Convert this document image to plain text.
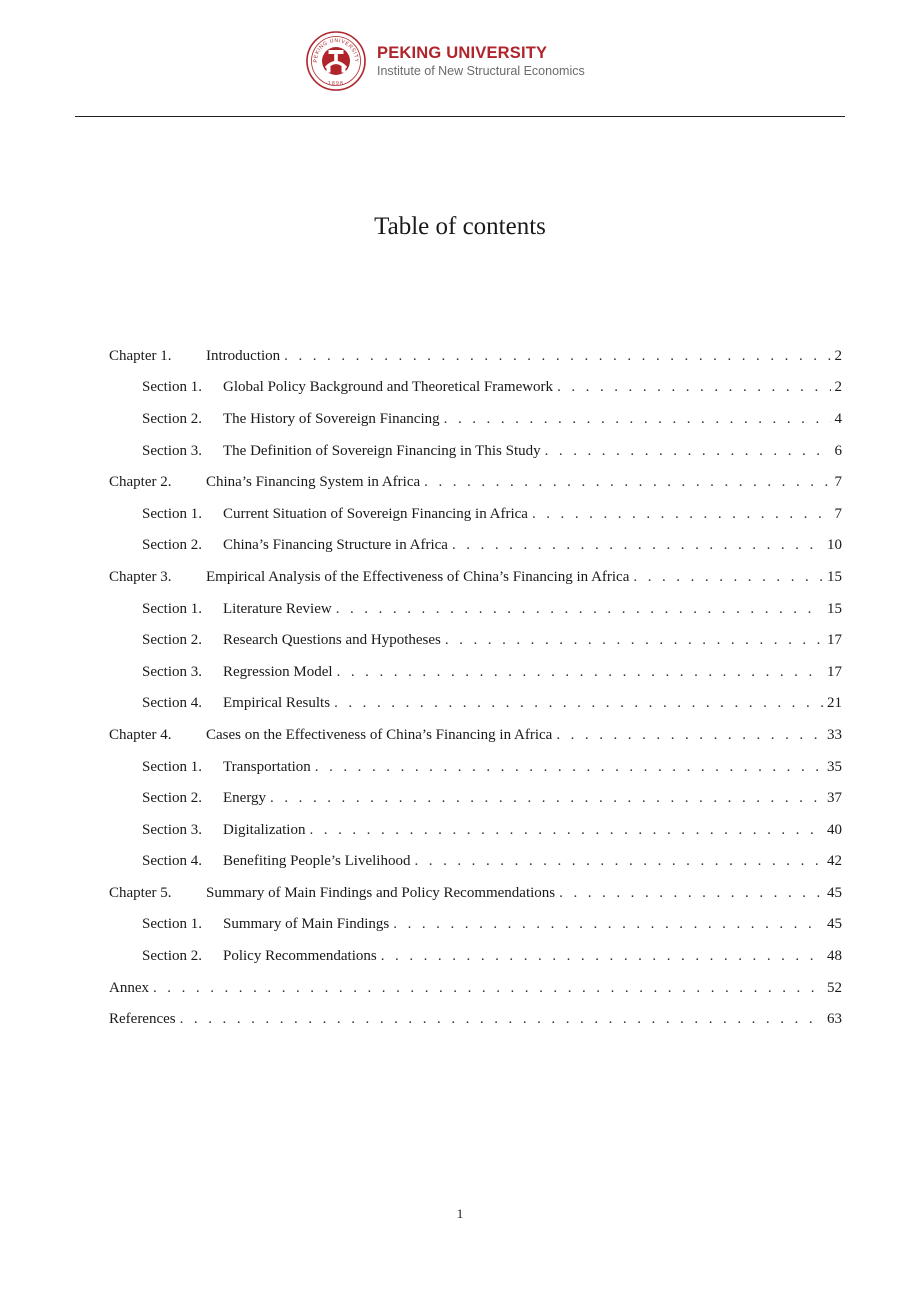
PEKING UNIVERSITY
1898
PEKING UNIVERSITY
Institute of New Structural Economics
Table of contents
Chapter 1.	Introduction . . .	2
Section 1.	Global Policy Background and Theoretical Framework . . .	2
Section 2.	The History of Sovereign Financing . . .	4
Section 3.	The Definition of Sovereign Financing in This Study . . .	6
Chapter 2.	China’s Financing System in Africa . . .	7
Section 1.	Current Situation of Sovereign Financing in Africa . . .	7
Section 2.	China’s Financing Structure in Africa . . .	10
Chapter 3.	Empirical Analysis of the Effectiveness of China’s Financing in Africa . . .	15
Section 1.	Literature Review . . .	15
Section 2.	Research Questions and Hypotheses . . .	17
Section 3.	Regression Model . . .	17
Section 4.	Empirical Results . . .	21
Chapter 4.	Cases on the Effectiveness of China’s Financing in Africa . . .	33
Section 1.	Transportation . . .	35
Section 2.	Energy . . .	37
Section 3.	Digitalization . . .	40
Section 4.	Benefiting People’s Livelihood . . .	42
Chapter 5.	Summary of Main Findings and Policy Recommendations . . .	45
Section 1.	Summary of Main Findings . . .	45
Section 2.	Policy Recommendations . . .	48
Annex . . .	52
References . . .	63
1
